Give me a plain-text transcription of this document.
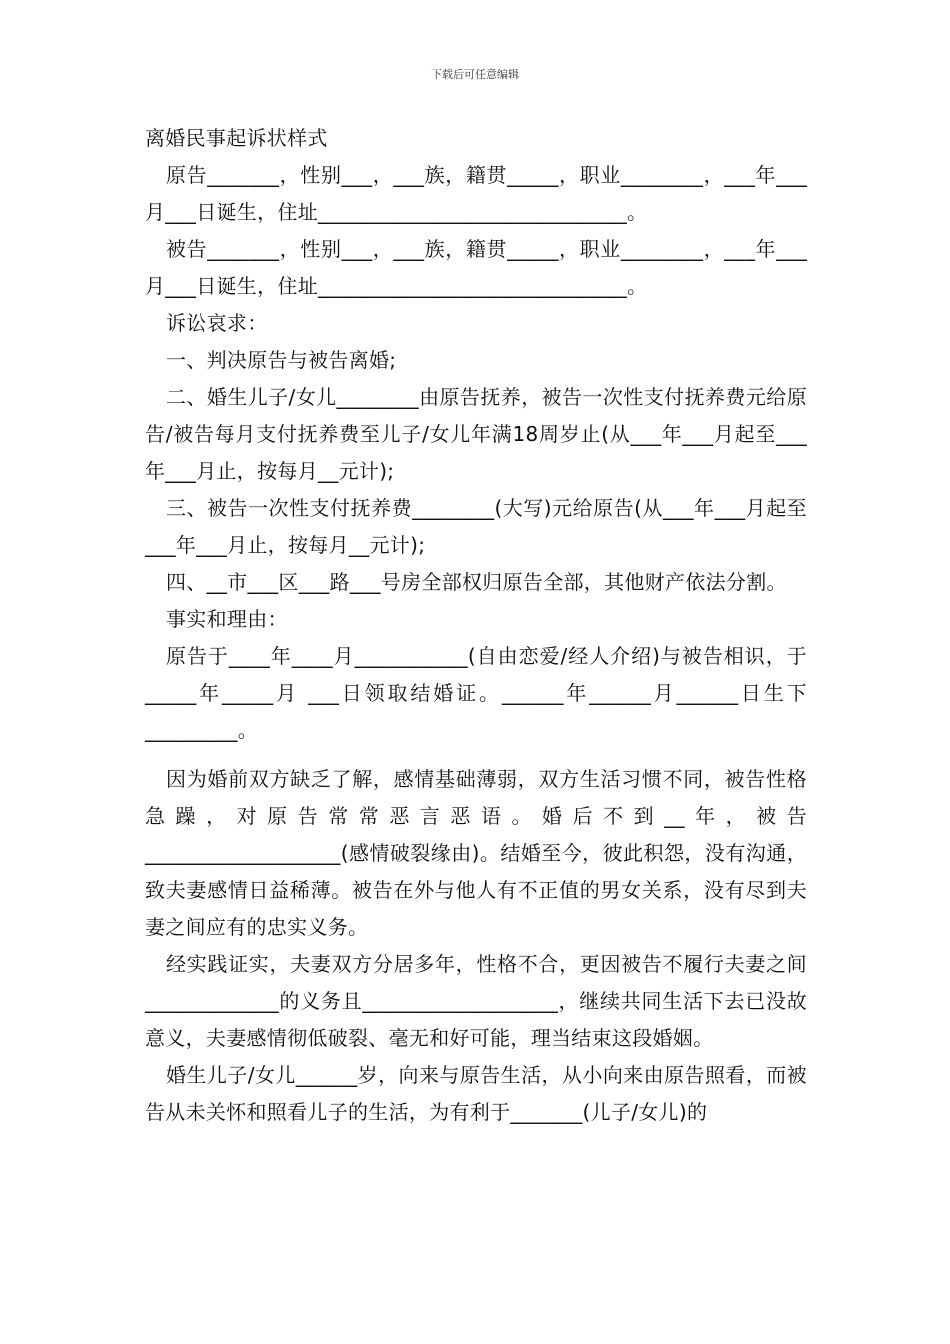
下载后可任意编辑

离婚民事起诉状样式

原告_______，性别___，___族，籍贯_____，职业________，___年___月___日诞生，住址______________________________。

被告_______，性别___，___族，籍贯_____，职业________，___年___月___日诞生，住址______________________________。

诉讼哀求：

一、判决原告与被告离婚;

二、婚生儿子/女儿________由原告抚养，被告一次性支付抚养费元给原告/被告每月支付抚养费至儿子/女儿年满18周岁止(从___年___月起至___年___月止，按每月__元计);

三、被告一次性支付抚养费________(大写)元给原告(从___年___月起至___年___月止，按每月__元计);

四、__市___区___路___号房全部权归原告全部，其他财产依法分割。

事实和理由：

原告于____年____月___________(自由恋爱/经人介绍)与被告相识，于_____年_____月 ___日领取结婚证。______年______月______日生下_________。

因为婚前双方缺乏了解，感情基础薄弱，双方生活习惯不同，被告性格急躁，对原告常常恶言恶语。婚后不到__年，被告___________________(感情破裂缘由)。结婚至今，彼此积怨，没有沟通，致夫妻感情日益稀薄。被告在外与他人有不正值的男女关系，没有尽到夫妻之间应有的忠实义务。

经实践证实，夫妻双方分居多年，性格不合，更因被告不履行夫妻之间_____________的义务且___________________，继续共同生活下去已没故意义，夫妻感情彻低破裂、毫无和好可能，理当结束这段婚姻。

婚生儿子/女儿______岁，向来与原告生活，从小向来由原告照看，而被告从未关怀和照看儿子的生活，为有利于_______(儿子/女儿)的
